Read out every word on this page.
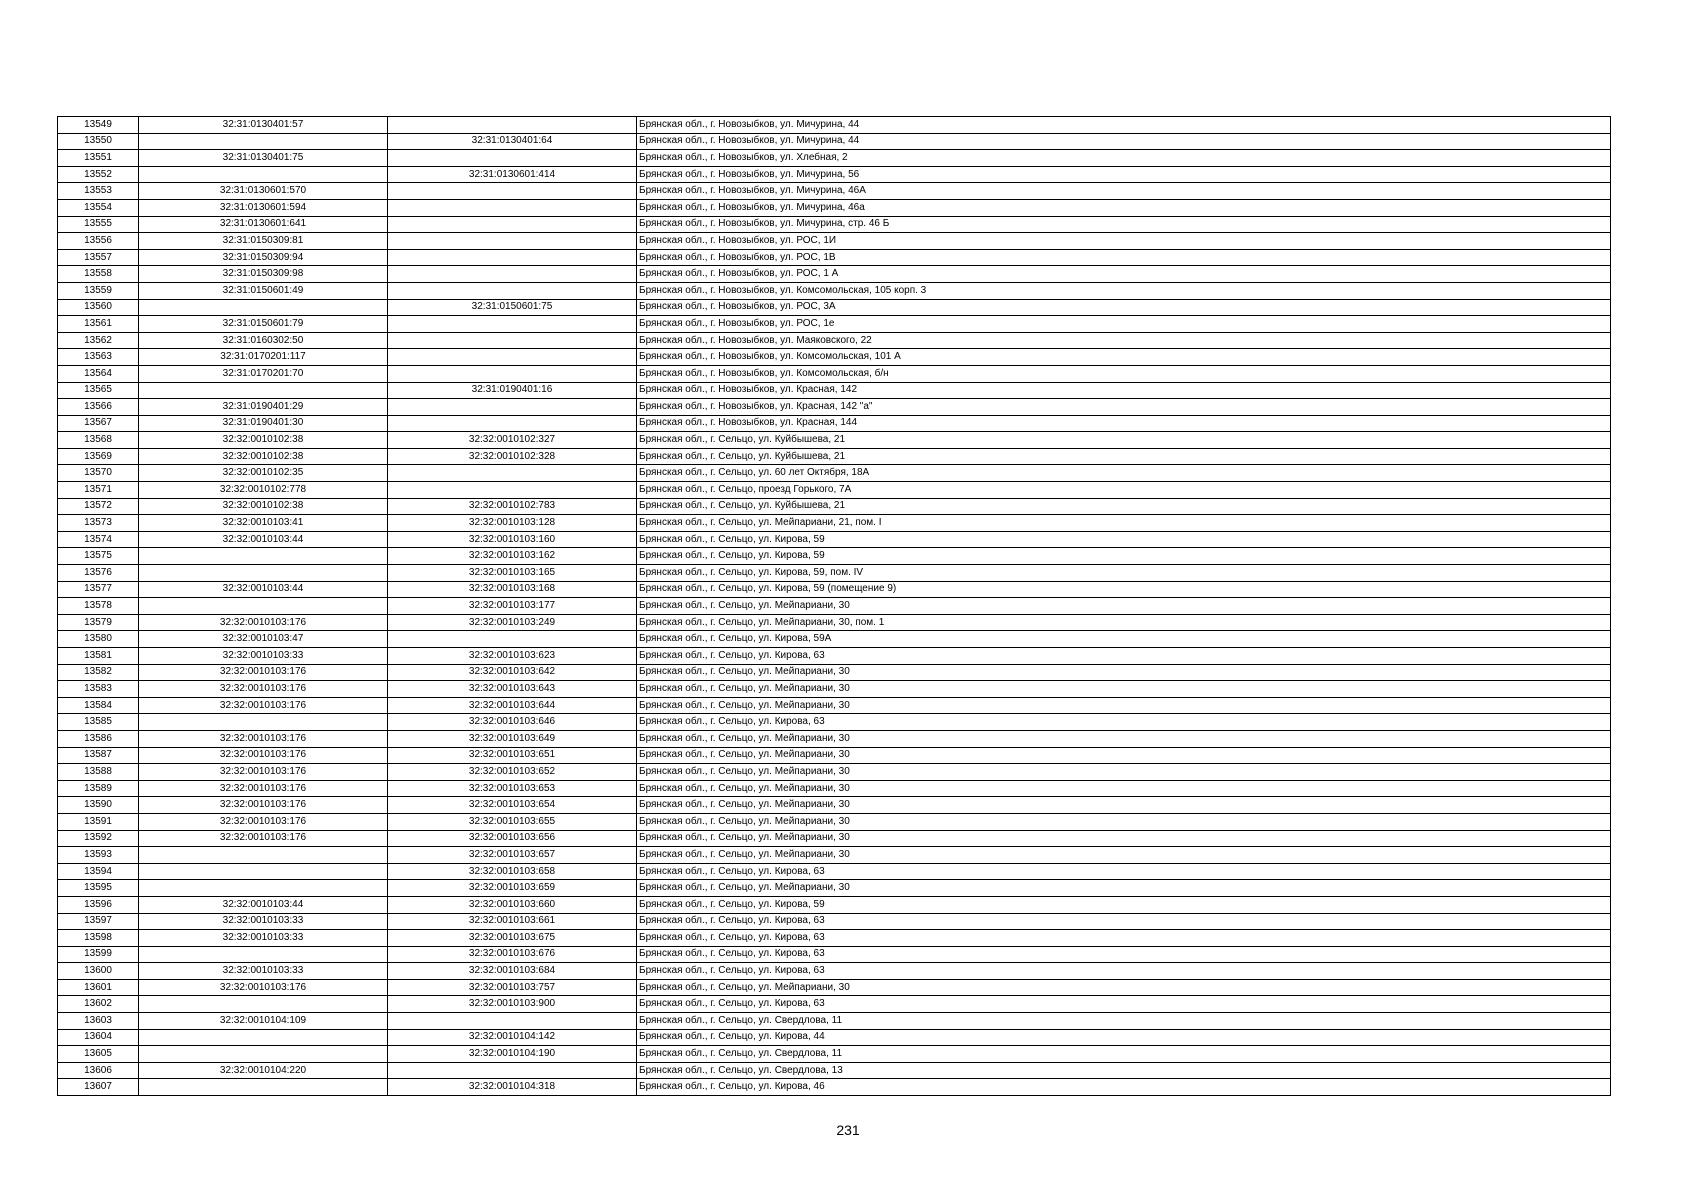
13549	32:31:0130401:57		Брянская обл., г. Новозыбков, ул. Мичурина, 44
13550		32:31:0130401:64	Брянская обл., г. Новозыбков, ул. Мичурина, 44
13551	32:31:0130401:75		Брянская обл., г. Новозыбков, ул. Хлебная, 2
13552		32:31:0130601:414	Брянская обл., г. Новозыбков, ул. Мичурина, 56
13553	32:31:0130601:570		Брянская обл., г. Новозыбков, ул. Мичурина, 46А
13554	32:31:0130601:594		Брянская обл., г. Новозыбков, ул. Мичурина, 46а
13555	32:31:0130601:641		Брянская обл., г. Новозыбков, ул. Мичурина, стр. 46 Б
13556	32:31:0150309:81		Брянская обл., г. Новозыбков, ул. РОС, 1И
13557	32:31:0150309:94		Брянская обл., г. Новозыбков, ул. РОС, 1В
13558	32:31:0150309:98		Брянская обл., г. Новозыбков, ул. РОС, 1 А
13559	32:31:0150601:49		Брянская обл., г. Новозыбков, ул. Комсомольская, 105 корп. 3
13560		32:31:0150601:75	Брянская обл., г. Новозыбков, ул. РОС, 3А
13561	32:31:0150601:79		Брянская обл., г. Новозыбков, ул. РОС, 1е
13562	32:31:0160302:50		Брянская обл., г. Новозыбков, ул. Маяковского, 22
13563	32:31:0170201:117		Брянская обл., г. Новозыбков, ул. Комсомольская, 101 А
13564	32:31:0170201:70		Брянская обл., г. Новозыбков, ул. Комсомольская, б/н
13565		32:31:0190401:16	Брянская обл., г. Новозыбков, ул. Красная, 142
13566	32:31:0190401:29		Брянская обл., г. Новозыбков, ул. Красная, 142 "а"
13567	32:31:0190401:30		Брянская обл., г. Новозыбков, ул. Красная, 144
13568	32:32:0010102:38	32:32:0010102:327	Брянская обл., г. Сельцо, ул. Куйбышева, 21
13569	32:32:0010102:38	32:32:0010102:328	Брянская обл., г. Сельцо, ул. Куйбышева, 21
13570	32:32:0010102:35		Брянская обл., г. Сельцо, ул. 60 лет Октября, 18А
13571	32:32:0010102:778		Брянская обл., г. Сельцо, проезд Горького, 7А
13572	32:32:0010102:38	32:32:0010102:783	Брянская обл., г. Сельцо, ул. Куйбышева, 21
13573	32:32:0010103:41	32:32:0010103:128	Брянская обл., г. Сельцо, ул. Мейпариани, 21, пом. I
13574	32:32:0010103:44	32:32:0010103:160	Брянская обл., г. Сельцо, ул. Кирова, 59
13575		32:32:0010103:162	Брянская обл., г. Сельцо, ул. Кирова, 59
13576		32:32:0010103:165	Брянская обл., г. Сельцо, ул. Кирова, 59, пом. IV
13577	32:32:0010103:44	32:32:0010103:168	Брянская обл., г. Сельцо, ул. Кирова, 59 (помещение 9)
13578		32:32:0010103:177	Брянская обл., г. Сельцо, ул. Мейпариани, 30
13579	32:32:0010103:176	32:32:0010103:249	Брянская обл., г. Сельцо, ул. Мейпариани, 30, пом. 1
13580	32:32:0010103:47		Брянская обл., г. Сельцо, ул. Кирова, 59А
13581	32:32:0010103:33	32:32:0010103:623	Брянская обл., г. Сельцо, ул. Кирова, 63
13582	32:32:0010103:176	32:32:0010103:642	Брянская обл., г. Сельцо, ул. Мейпариани, 30
13583	32:32:0010103:176	32:32:0010103:643	Брянская обл., г. Сельцо, ул. Мейпариани, 30
13584	32:32:0010103:176	32:32:0010103:644	Брянская обл., г. Сельцо, ул. Мейпариани, 30
13585		32:32:0010103:646	Брянская обл., г. Сельцо, ул. Кирова, 63
13586	32:32:0010103:176	32:32:0010103:649	Брянская обл., г. Сельцо, ул. Мейпариани, 30
13587	32:32:0010103:176	32:32:0010103:651	Брянская обл., г. Сельцо, ул. Мейпариани, 30
13588	32:32:0010103:176	32:32:0010103:652	Брянская обл., г. Сельцо, ул. Мейпариани, 30
13589	32:32:0010103:176	32:32:0010103:653	Брянская обл., г. Сельцо, ул. Мейпариани, 30
13590	32:32:0010103:176	32:32:0010103:654	Брянская обл., г. Сельцо, ул. Мейпариани, 30
13591	32:32:0010103:176	32:32:0010103:655	Брянская обл., г. Сельцо, ул. Мейпариани, 30
13592	32:32:0010103:176	32:32:0010103:656	Брянская обл., г. Сельцо, ул. Мейпариани, 30
13593		32:32:0010103:657	Брянская обл., г. Сельцо, ул. Мейпариани, 30
13594		32:32:0010103:658	Брянская обл., г. Сельцо, ул. Кирова, 63
13595		32:32:0010103:659	Брянская обл., г. Сельцо, ул. Мейпариани, 30
13596	32:32:0010103:44	32:32:0010103:660	Брянская обл., г. Сельцо, ул. Кирова, 59
13597	32:32:0010103:33	32:32:0010103:661	Брянская обл., г. Сельцо, ул. Кирова, 63
13598	32:32:0010103:33	32:32:0010103:675	Брянская обл., г. Сельцо, ул. Кирова, 63
13599		32:32:0010103:676	Брянская обл., г. Сельцо, ул. Кирова, 63
13600	32:32:0010103:33	32:32:0010103:684	Брянская обл., г. Сельцо, ул. Кирова, 63
13601	32:32:0010103:176	32:32:0010103:757	Брянская обл., г. Сельцо, ул. Мейпариани, 30
13602		32:32:0010103:900	Брянская обл., г. Сельцо, ул. Кирова, 63
13603	32:32:0010104:109		Брянская обл., г. Сельцо, ул. Свердлова, 11
13604		32:32:0010104:142	Брянская обл., г. Сельцо, ул. Кирова, 44
13605		32:32:0010104:190	Брянская обл., г. Сельцо, ул. Свердлова, 11
13606	32:32:0010104:220		Брянская обл., г. Сельцо, ул. Свердлова, 13
13607		32:32:0010104:318	Брянская обл., г. Сельцо, ул. Кирова, 46
231
